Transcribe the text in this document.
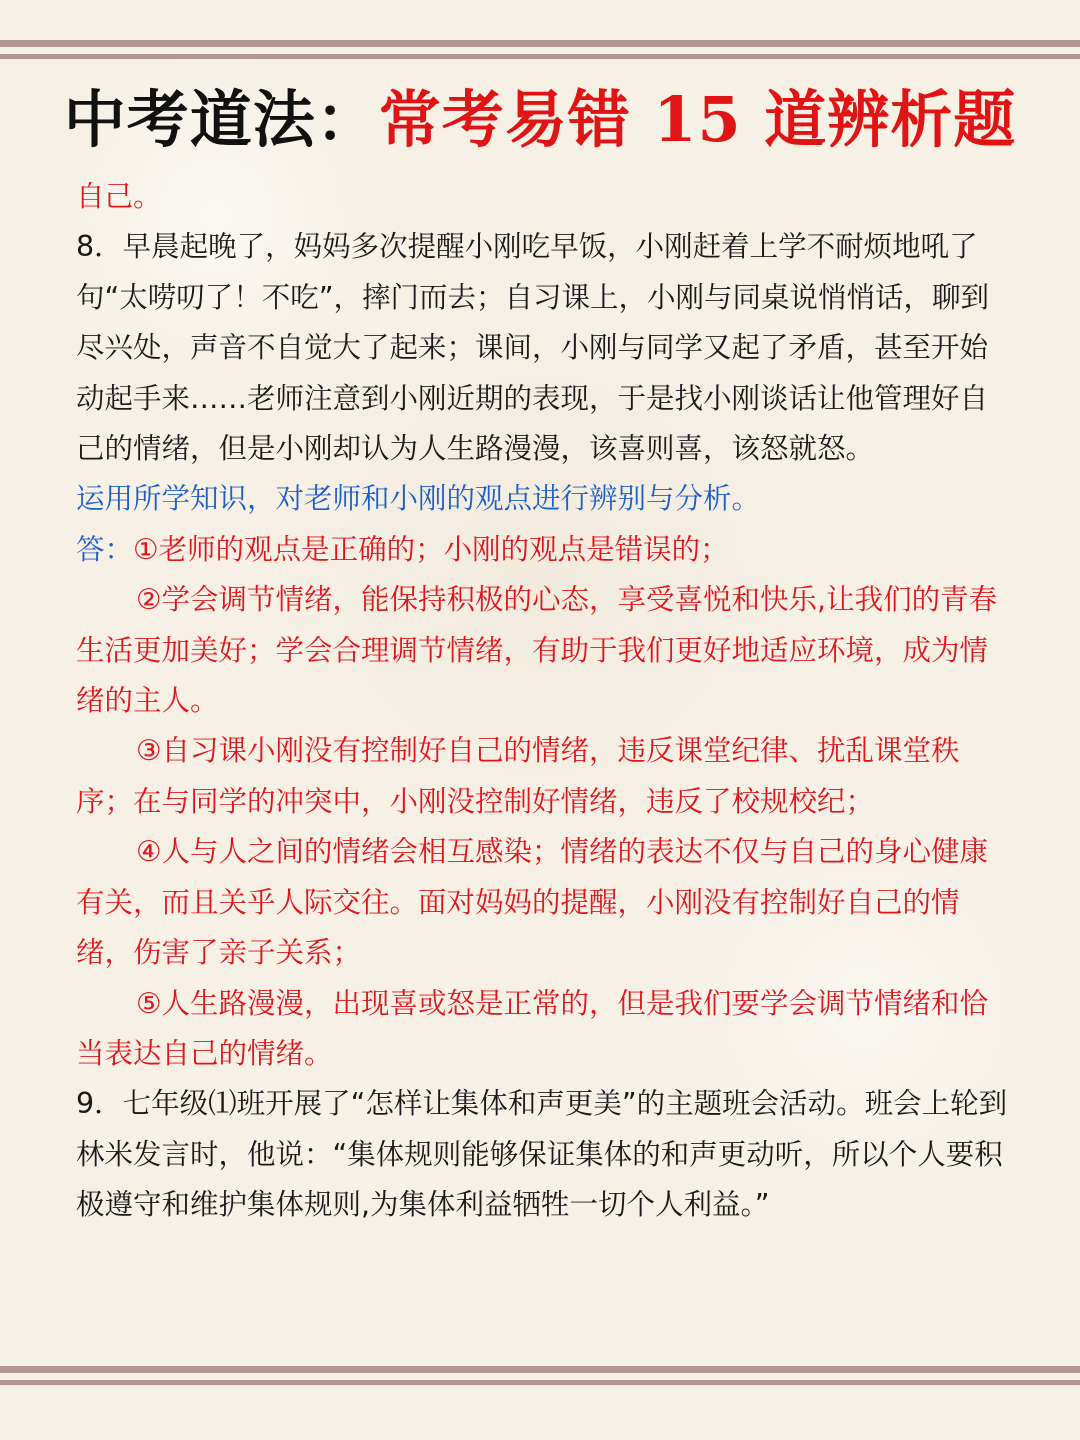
中考道法：常考易错 15 道辨析题

自己。

8．早晨起晚了，妈妈多次提醒小刚吃早饭，小刚赶着上学不耐烦地吼了句“太唠叨了！不吃”，摔门而去；自习课上，小刚与同桌说悄悄话，聊到尽兴处，声音不自觉大了起来；课间，小刚与同学又起了矛盾，甚至开始动起手来……老师注意到小刚近期的表现，于是找小刚谈话让他管理好自己的情绪，但是小刚却认为人生路漫漫，该喜则喜，该怒就怒。

运用所学知识，对老师和小刚的观点进行辨别与分析。

答：①老师的观点是正确的；小刚的观点是错误的；

②学会调节情绪，能保持积极的心态，享受喜悦和快乐,让我们的青春生活更加美好；学会合理调节情绪，有助于我们更好地适应环境，成为情绪的主人。

③自习课小刚没有控制好自己的情绪，违反课堂纪律、扰乱课堂秩序；在与同学的冲突中，小刚没控制好情绪，违反了校规校纪；

④人与人之间的情绪会相互感染；情绪的表达不仅与自己的身心健康有关，而且关乎人际交往。面对妈妈的提醒，小刚没有控制好自己的情绪，伤害了亲子关系；

⑤人生路漫漫，出现喜或怒是正常的，但是我们要学会调节情绪和恰当表达自己的情绪。

9．七年级⑴班开展了“怎样让集体和声更美”的主题班会活动。班会上轮到林米发言时，他说：“集体规则能够保证集体的和声更动听，所以个人要积极遵守和维护集体规则,为集体利益牺牲一切个人利益。”
